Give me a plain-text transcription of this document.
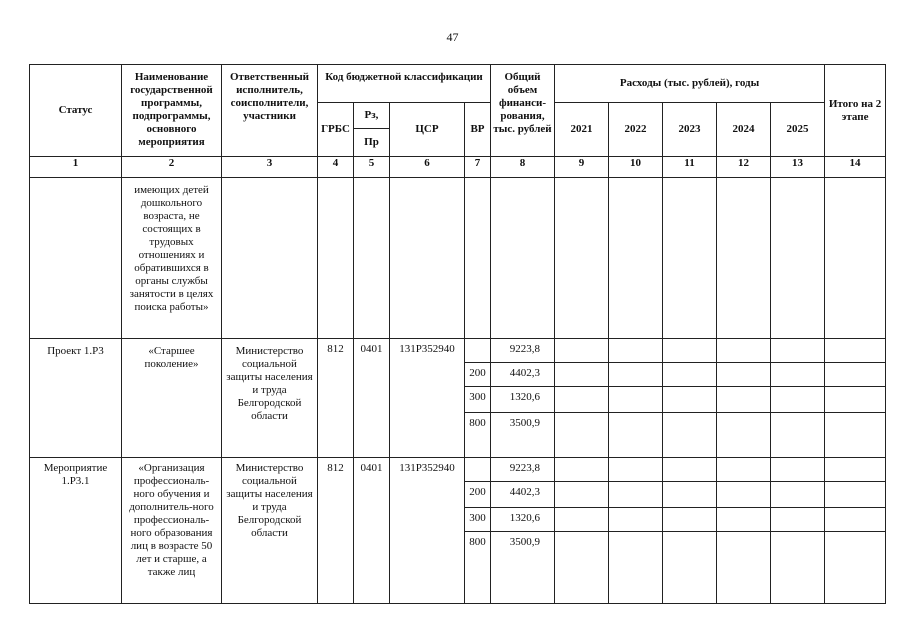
47
Статус	Наименование государственной программы, подпрограммы, основного мероприятия	Ответственный исполнитель, соисполнители, участники	Код бюджетной классификации				Общий объем финанси-рования, тыс. рублей	Расходы (тыс. рублей), годы					Итого на 2 этапе
			ГРБС	Рз,	ЦСР	ВР		2021	2022	2023	2024	2025	
				Пр									
1	2	3	4	5	6	7	8	9	10	11	12	13	14
	имеющих детей дошкольного возраста, не состоящих в трудовых отношениях и обратившихся в органы службы занятости в целях поиска работы»												
Проект 1.Р3	«Старшее поколение»	Министерство социальной защиты населения и труда Белгородской области	812	0401	131Р352940		9223,8						
						200	4402,3						
						300	1320,6						
						800	3500,9						
Мероприятие 1.Р3.1	«Организация профессиональ-ного обучения и дополнитель-ного профессиональ-ного образования лиц в возрасте 50 лет и старше, а также лиц	Министерство социальной защиты населения и труда Белгородской области	812	0401	131Р352940		9223,8						
						200	4402,3						
						300	1320,6						
						800	3500,9						
